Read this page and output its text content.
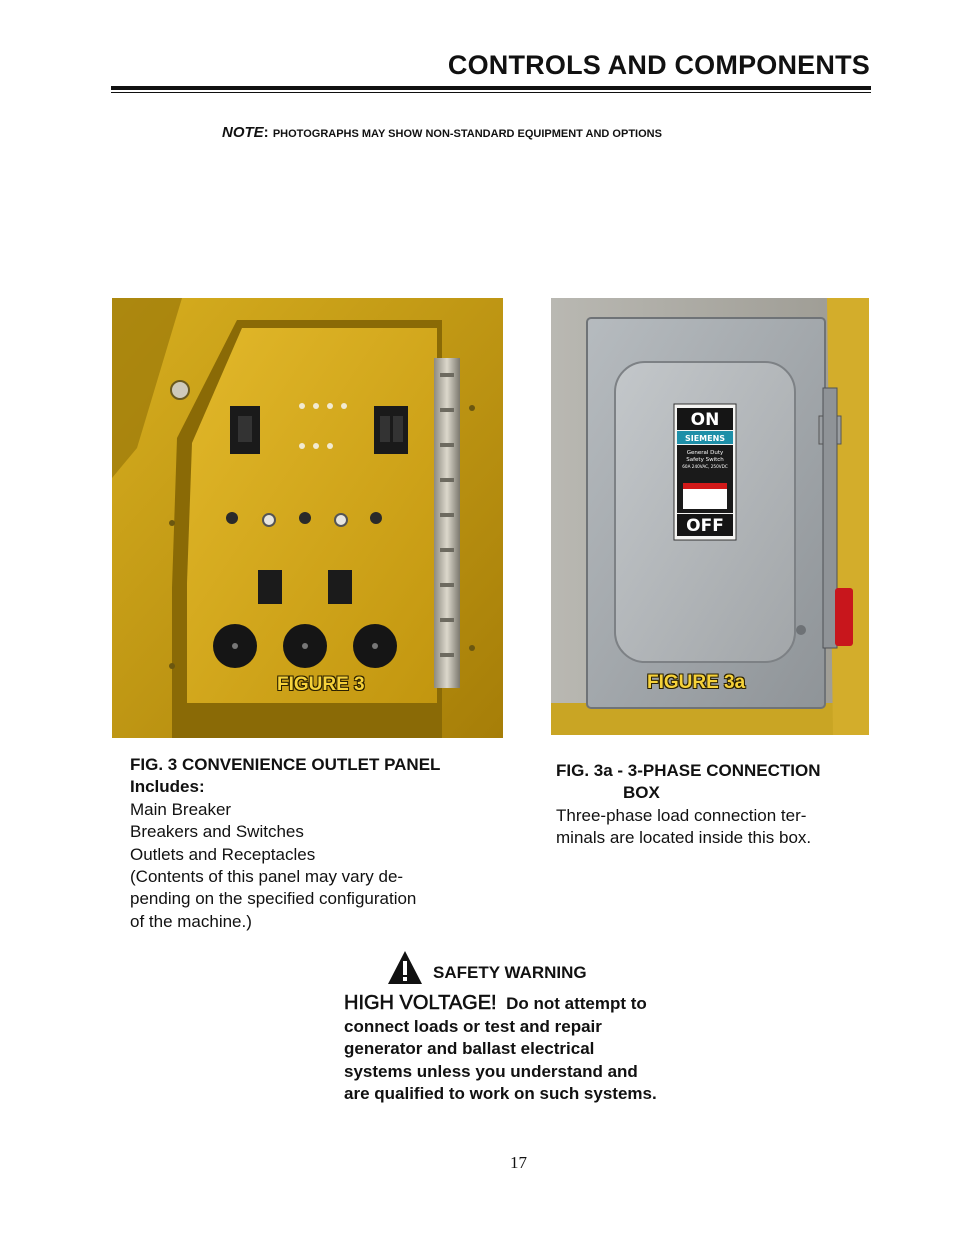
CONTROLS AND COMPONENTS
NOTE: PHOTOGRAPHS MAY SHOW NON-STANDARD EQUIPMENT AND OPTIONS
FIGURE 3
ON
SIEMENS
General Duty
Safety Switch
60A 240VAC, 250VDC
OFF
FIGURE 3a
FIG. 3 CONVENIENCE OUTLET PANEL
Includes:
Main Breaker
Breakers and Switches
Outlets and Receptacles
(Contents of this panel may vary de-
pending on the specified configuration
of the machine.)
FIG. 3a - 3-PHASE CONNECTION
BOX
Three-phase load connection ter-
minals are located inside this box.
SAFETY WARNING
HIGH VOLTAGE! Do not attempt to
connect loads or test and repair
generator and ballast electrical
systems unless you understand and
are qualified to work on such systems.
17
